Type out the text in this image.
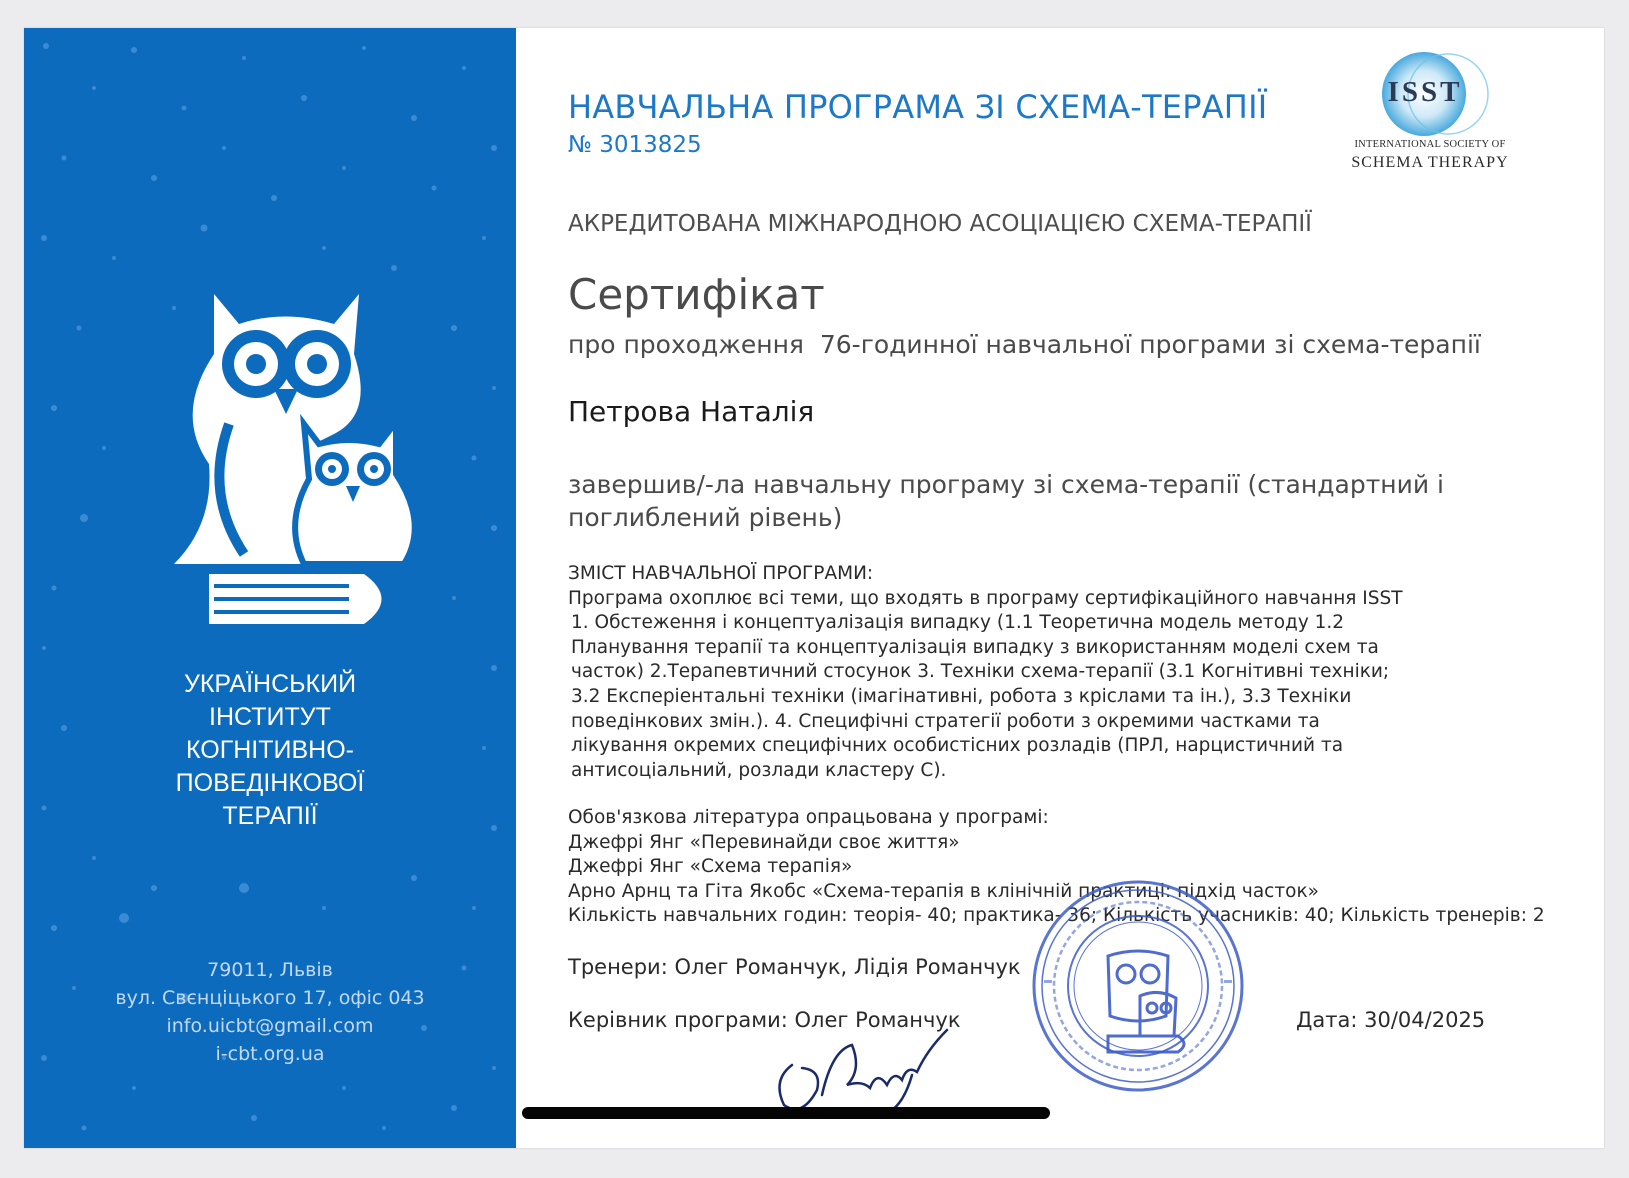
УКРАЇНСЬКИЙ
ІНСТИТУТ
КОГНІТИВНО-
ПОВЕДІНКОВОЇ
ТЕРАПІЇ
79011, Львів
вул. Свєнціцького 17, офіс 043
info.uicbt@gmail.com
i-cbt.org.ua
ISST
INTERNATIONAL SOCIETY OF
SCHEMA THERAPY
НАВЧАЛЬНА ПРОГРАМА ЗІ СХЕМА-ТЕРАПІЇ
№ 3013825
АКРЕДИТОВАНА МІЖНАРОДНОЮ АСОЦІАЦІЄЮ СХЕМА-ТЕРАПІЇ
Сертифікат
про проходження  76-годинної навчальної програми зі схема-терапії
Петрова Наталія
завершив/-ла навчальну програму зі схема-терапії (стандартний і поглиблений рівень)
ЗМІСТ НАВЧАЛЬНОЇ ПРОГРАМИ:
Програма охоплює всі теми, що входять в програму сертифікаційного навчання ISST
1. Обстеження і концептуалізація випадку (1.1 Теоретична модель методу 1.2 Планування терапії та концептуалізація випадку з використанням моделі схем та часток) 2.Терапевтичний стосунок 3. Техніки схема-терапії (3.1 Когнітивні техніки; 3.2 Експеріентальні техніки (імагінативні, робота з кріслами та ін.), 3.3 Техніки поведінкових змін.). 4. Специфічні стратегії роботи з окремими частками та лікування окремих специфічних особистісних розладів (ПРЛ, нарцистичний та антисоціальний, розлади кластеру С).
Обов'язкова література опрацьована у програмі:
Джефрі Янг «Перевинайди своє життя»
Джефрі Янг «Схема терапія»
Арно Арнц та Гіта Якобс «Схема-терапія в клінічній практиці: підхід часток»
Кількість навчальних годин: теорія- 40; практика- 36; Кількість учасників: 40; Кількість тренерів: 2
Тренери: Олег Романчук, Лідія Романчук
Керівник програми: Олег Романчук	Дата: 30/04/2025
